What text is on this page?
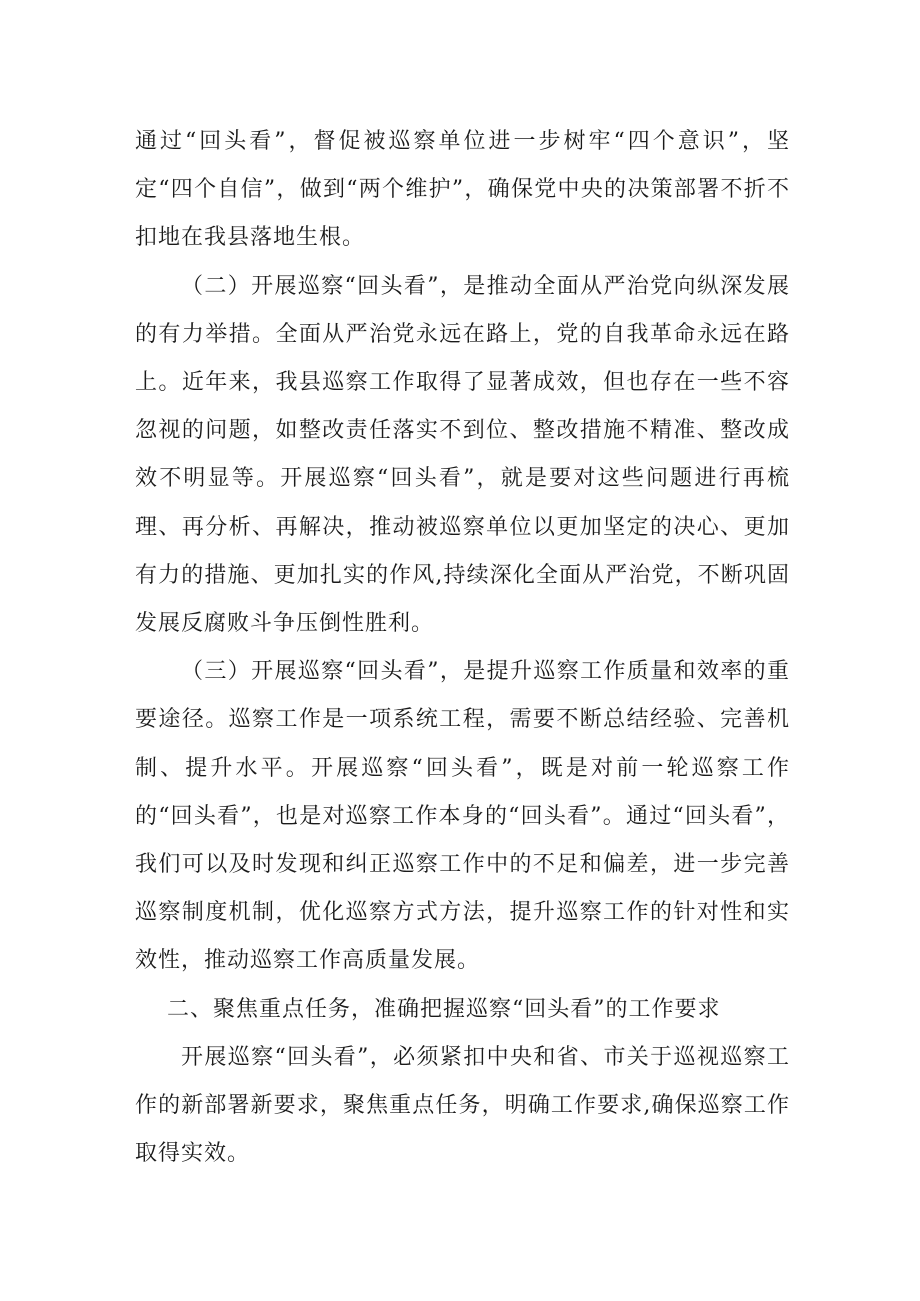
通过“回头看”，督促被巡察单位进一步树牢“四个意识”，坚定“四个自信”，做到“两个维护”，确保党中央的决策部署不折不扣地在我县落地生根。

（二）开展巡察“回头看”，是推动全面从严治党向纵深发展的有力举措。全面从严治党永远在路上，党的自我革命永远在路上。近年来，我县巡察工作取得了显著成效，但也存在一些不容忽视的问题，如整改责任落实不到位、整改措施不精准、整改成效不明显等。开展巡察“回头看”，就是要对这些问题进行再梳理、再分析、再解决，推动被巡察单位以更加坚定的决心、更加有力的措施、更加扎实的作风,持续深化全面从严治党，不断巩固发展反腐败斗争压倒性胜利。

（三）开展巡察“回头看”，是提升巡察工作质量和效率的重要途径。巡察工作是一项系统工程，需要不断总结经验、完善机制、提升水平。开展巡察“回头看”，既是对前一轮巡察工作的“回头看”，也是对巡察工作本身的“回头看”。通过“回头看”，我们可以及时发现和纠正巡察工作中的不足和偏差，进一步完善巡察制度机制，优化巡察方式方法，提升巡察工作的针对性和实效性，推动巡察工作高质量发展。

二、聚焦重点任务，准确把握巡察“回头看”的工作要求

开展巡察“回头看”，必须紧扣中央和省、市关于巡视巡察工作的新部署新要求，聚焦重点任务，明确工作要求,确保巡察工作取得实效。
